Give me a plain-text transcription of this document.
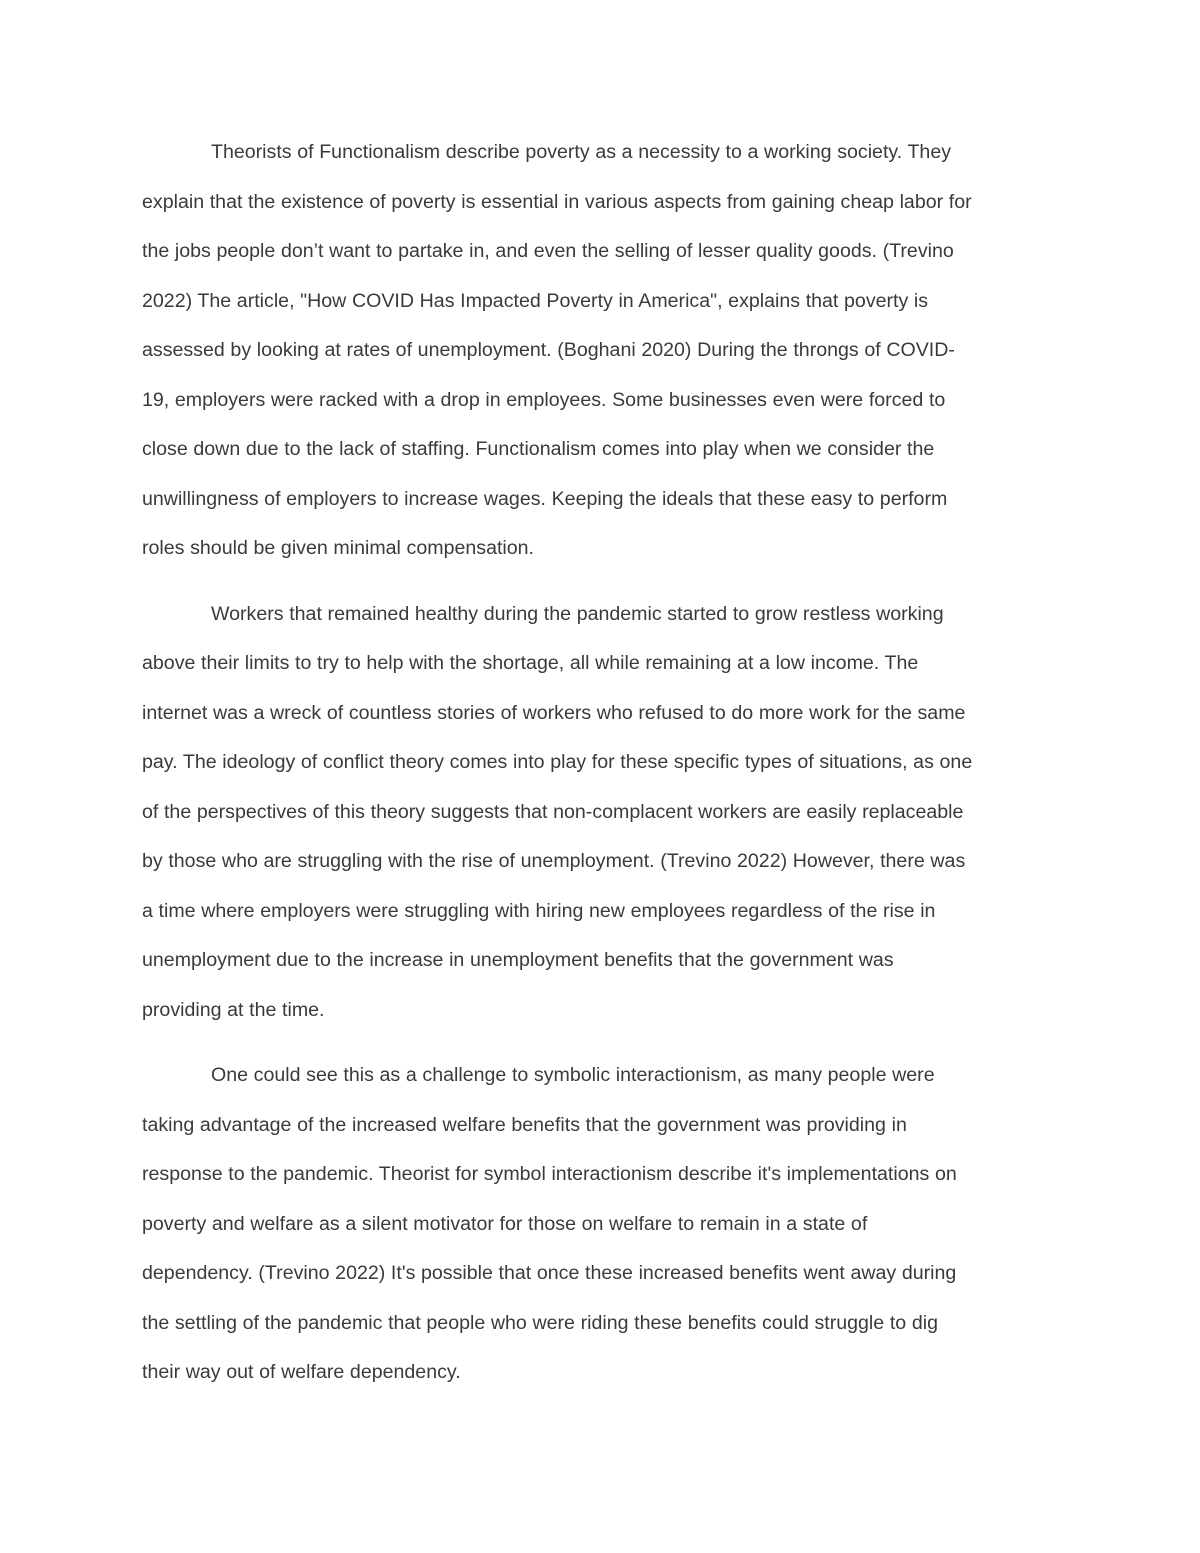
Theorists of Functionalism describe poverty as a necessity to a working society. They
explain that the existence of poverty is essential in various aspects from gaining cheap labor for
the jobs people don’t want to partake in, and even the selling of lesser quality goods. (Trevino
2022) The article, "How COVID Has Impacted Poverty in America", explains that poverty is
assessed by looking at rates of unemployment. (Boghani 2020) During the throngs of COVID-
19, employers were racked with a drop in employees. Some businesses even were forced to
close down due to the lack of staffing. Functionalism comes into play when we consider the
unwillingness of employers to increase wages. Keeping the ideals that these easy to perform
roles should be given minimal compensation.

Workers that remained healthy during the pandemic started to grow restless working
above their limits to try to help with the shortage, all while remaining at a low income. The
internet was a wreck of countless stories of workers who refused to do more work for the same
pay. The ideology of conflict theory comes into play for these specific types of situations, as one
of the perspectives of this theory suggests that non-complacent workers are easily replaceable
by those who are struggling with the rise of unemployment. (Trevino 2022) However, there was
a time where employers were struggling with hiring new employees regardless of the rise in
unemployment due to the increase in unemployment benefits that the government was
providing at the time.

One could see this as a challenge to symbolic interactionism, as many people were
taking advantage of the increased welfare benefits that the government was providing in
response to the pandemic. Theorist for symbol interactionism describe it's implementations on
poverty and welfare as a silent motivator for those on welfare to remain in a state of
dependency. (Trevino 2022) It's possible that once these increased benefits went away during
the settling of the pandemic that people who were riding these benefits could struggle to dig
their way out of welfare dependency.
